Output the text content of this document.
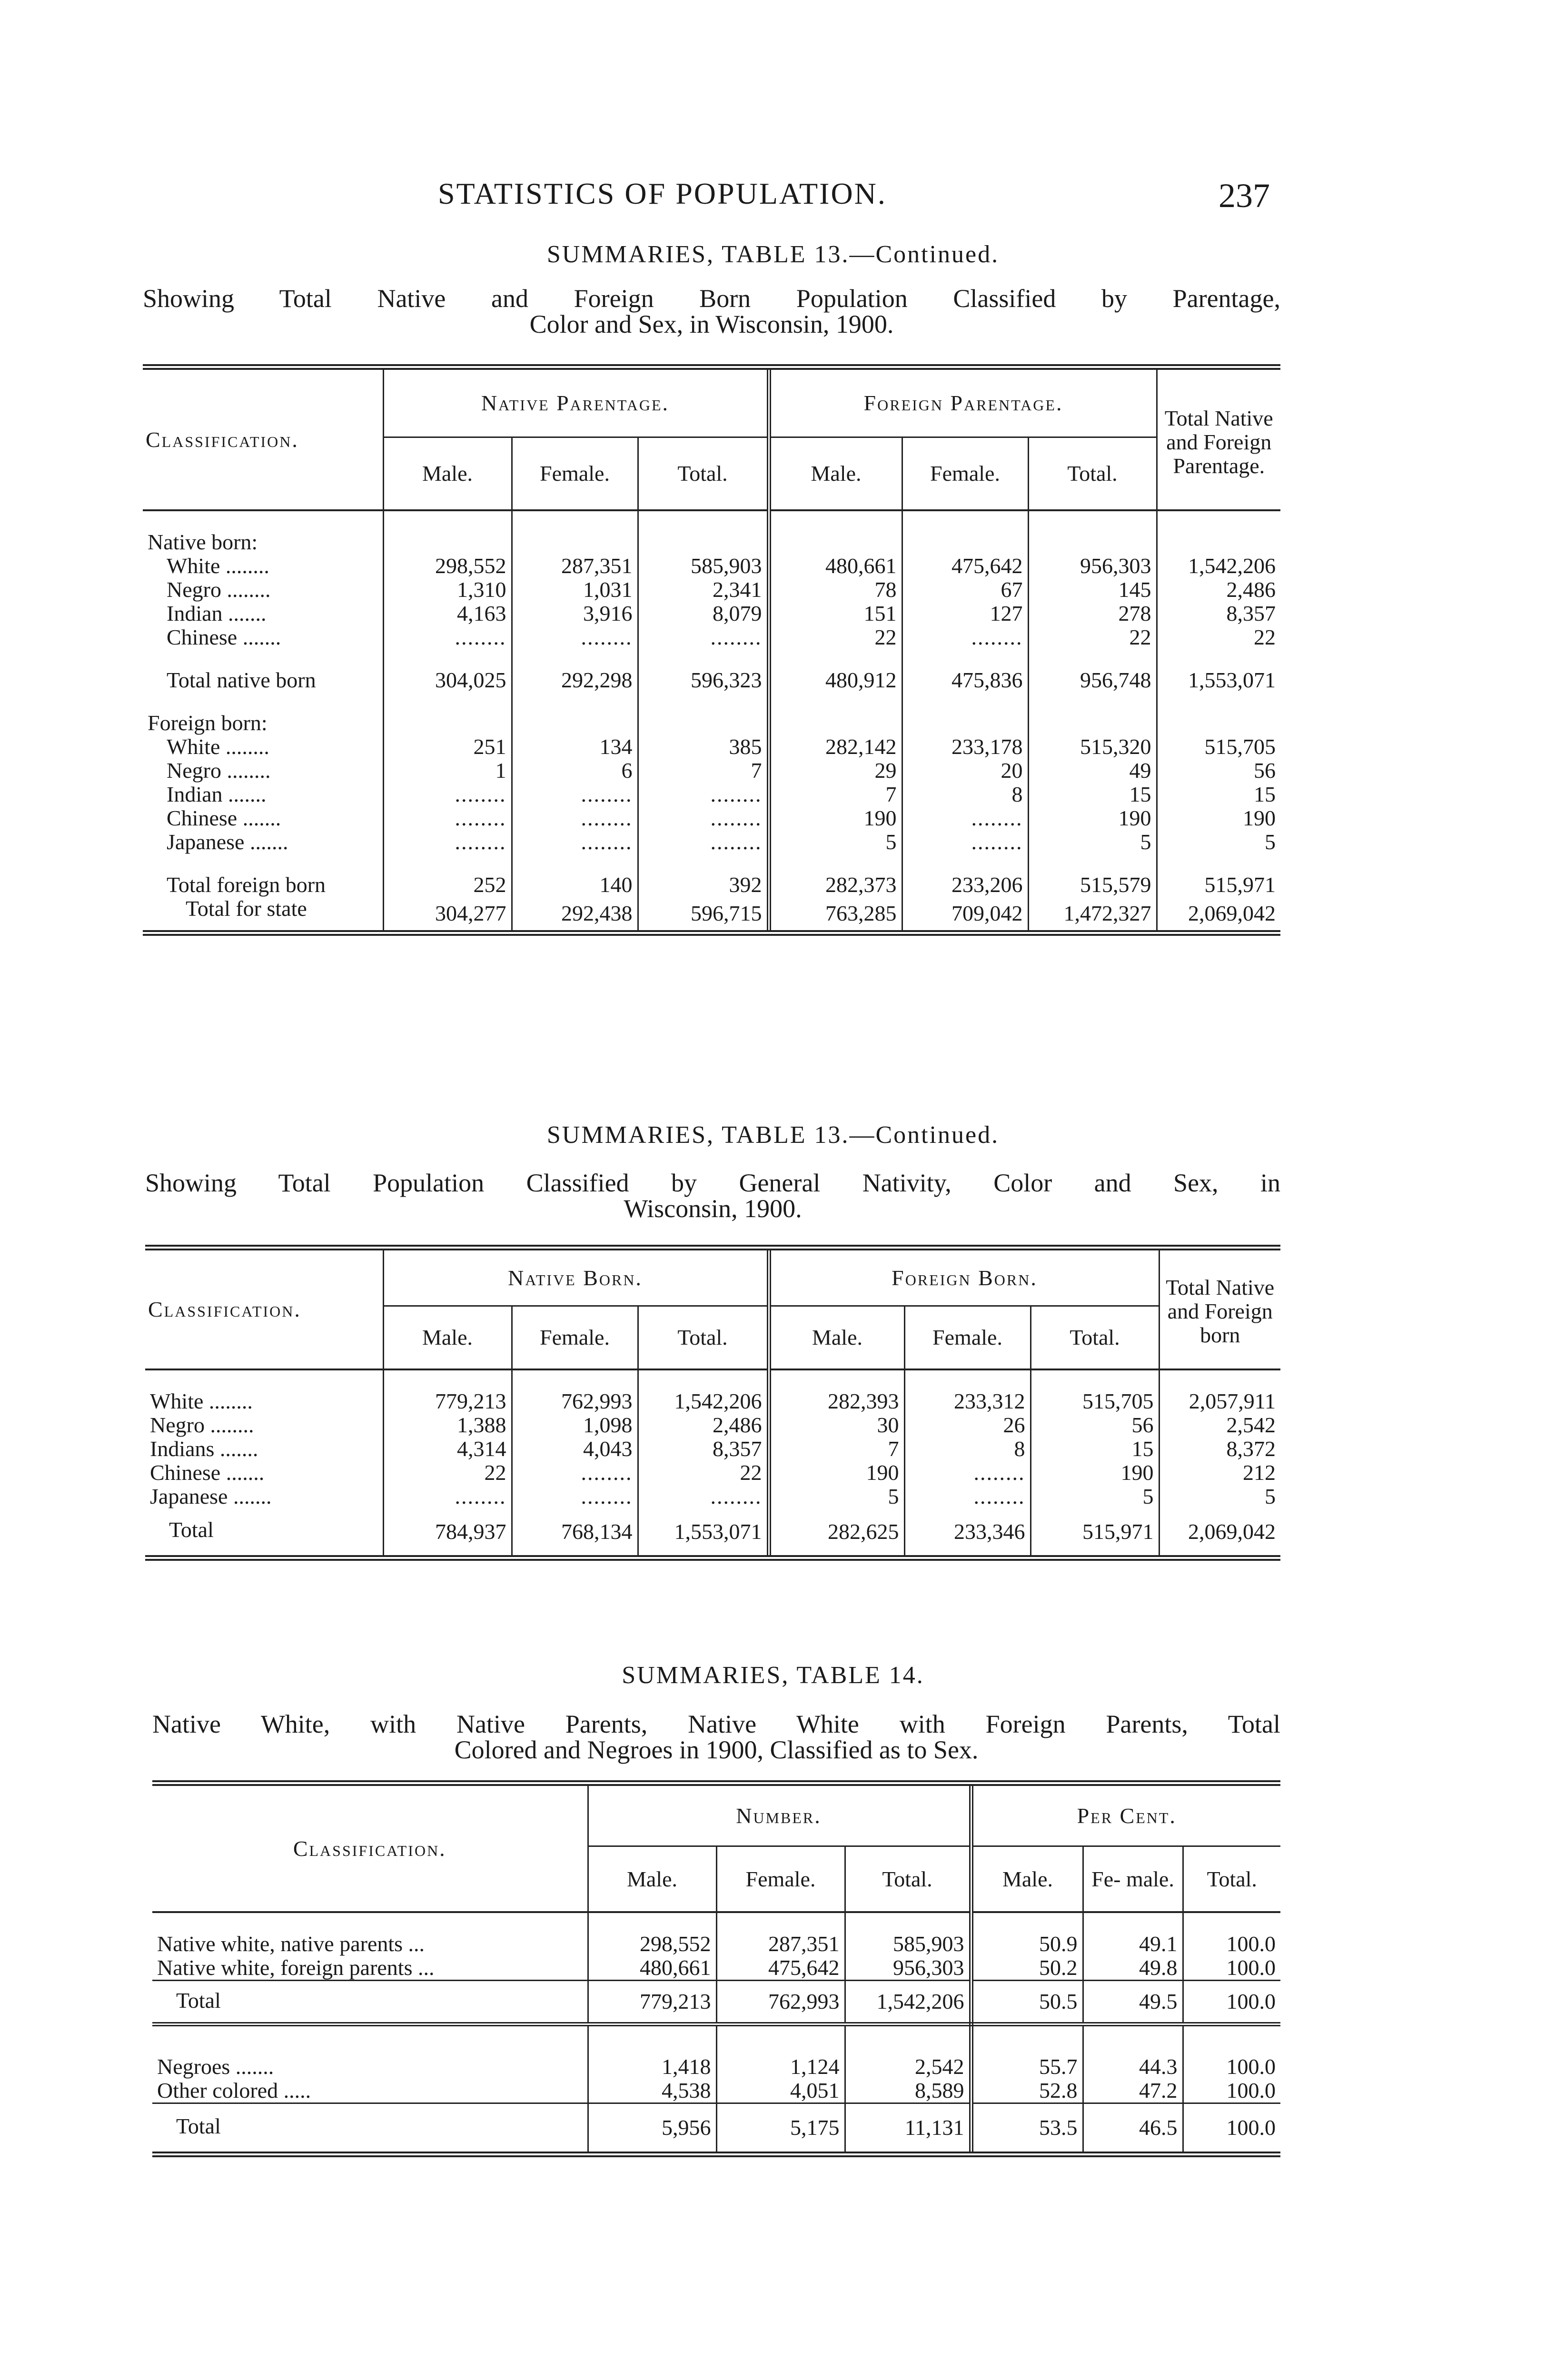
STATISTICS OF POPULATION.	237
SUMMARIES, TABLE 13.—Continued.
Showing Total Native and Foreign Born Population Classified by Parentage,
Color and Sex, in Wisconsin, 1900.
Classification.	Native Parentage.			Foreign Parentage.			Total Native and Foreign Parentage.
	Male.	Female.	Total.	Male.	Female.	Total.	

Native born:							
White ........	298,552	287,351	585,903	480,661	475,642	956,303	1,542,206
Negro ........	1,310	1,031	2,341	78	67	145	2,486
Indian .......	4,163	3,916	8,079	151	127	278	8,357
Chinese .......	........	........	........	22	........	22	22

Total native born	304,025	292,298	596,323	480,912	475,836	956,748	1,553,071

Foreign born:							
White ........	251	134	385	282,142	233,178	515,320	515,705
Negro ........	1	6	7	29	20	49	56
Indian .......	........	........	........	7	8	15	15
Chinese .......	........	........	........	190	........	190	190
Japanese .......	........	........	........	5	........	5	5

Total foreign born	252	140	392	282,373	233,206	515,579	515,971
Total for state	304,277	292,438	596,715	763,285	709,042	1,472,327	2,069,042
SUMMARIES, TABLE 13.—Continued.
Showing Total Population Classified by General Nativity, Color and Sex, in
Wisconsin, 1900.
Classification.	Native Born.			Foreign Born.			Total Native and Foreign born
	Male.	Female.	Total.	Male.	Female.	Total.	

White ........	779,213	762,993	1,542,206	282,393	233,312	515,705	2,057,911
Negro ........	1,388	1,098	2,486	30	26	56	2,542
Indians .......	4,314	4,043	8,357	7	8	15	8,372
Chinese .......	22	........	22	190	........	190	212
Japanese .......	........	........	........	5	........	5	5
Total	784,937	768,134	1,553,071	282,625	233,346	515,971	2,069,042
SUMMARIES, TABLE 14.
Native White, with Native Parents, Native White with Foreign Parents, Total
Colored and Negroes in 1900, Classified as to Sex.
Classification.	Number.			Per Cent.		
	Male.	Female.	Total.	Male.	Fe- male.	Total.

Native white, native parents ...	298,552	287,351	585,903	50.9	49.1	100.0
Native white, foreign parents ...	480,661	475,642	956,303	50.2	49.8	100.0
Total	779,213	762,993	1,542,206	50.5	49.5	100.0

Negroes .......	1,418	1,124	2,542	55.7	44.3	100.0
Other colored .....	4,538	4,051	8,589	52.8	47.2	100.0
Total	5,956	5,175	11,131	53.5	46.5	100.0
